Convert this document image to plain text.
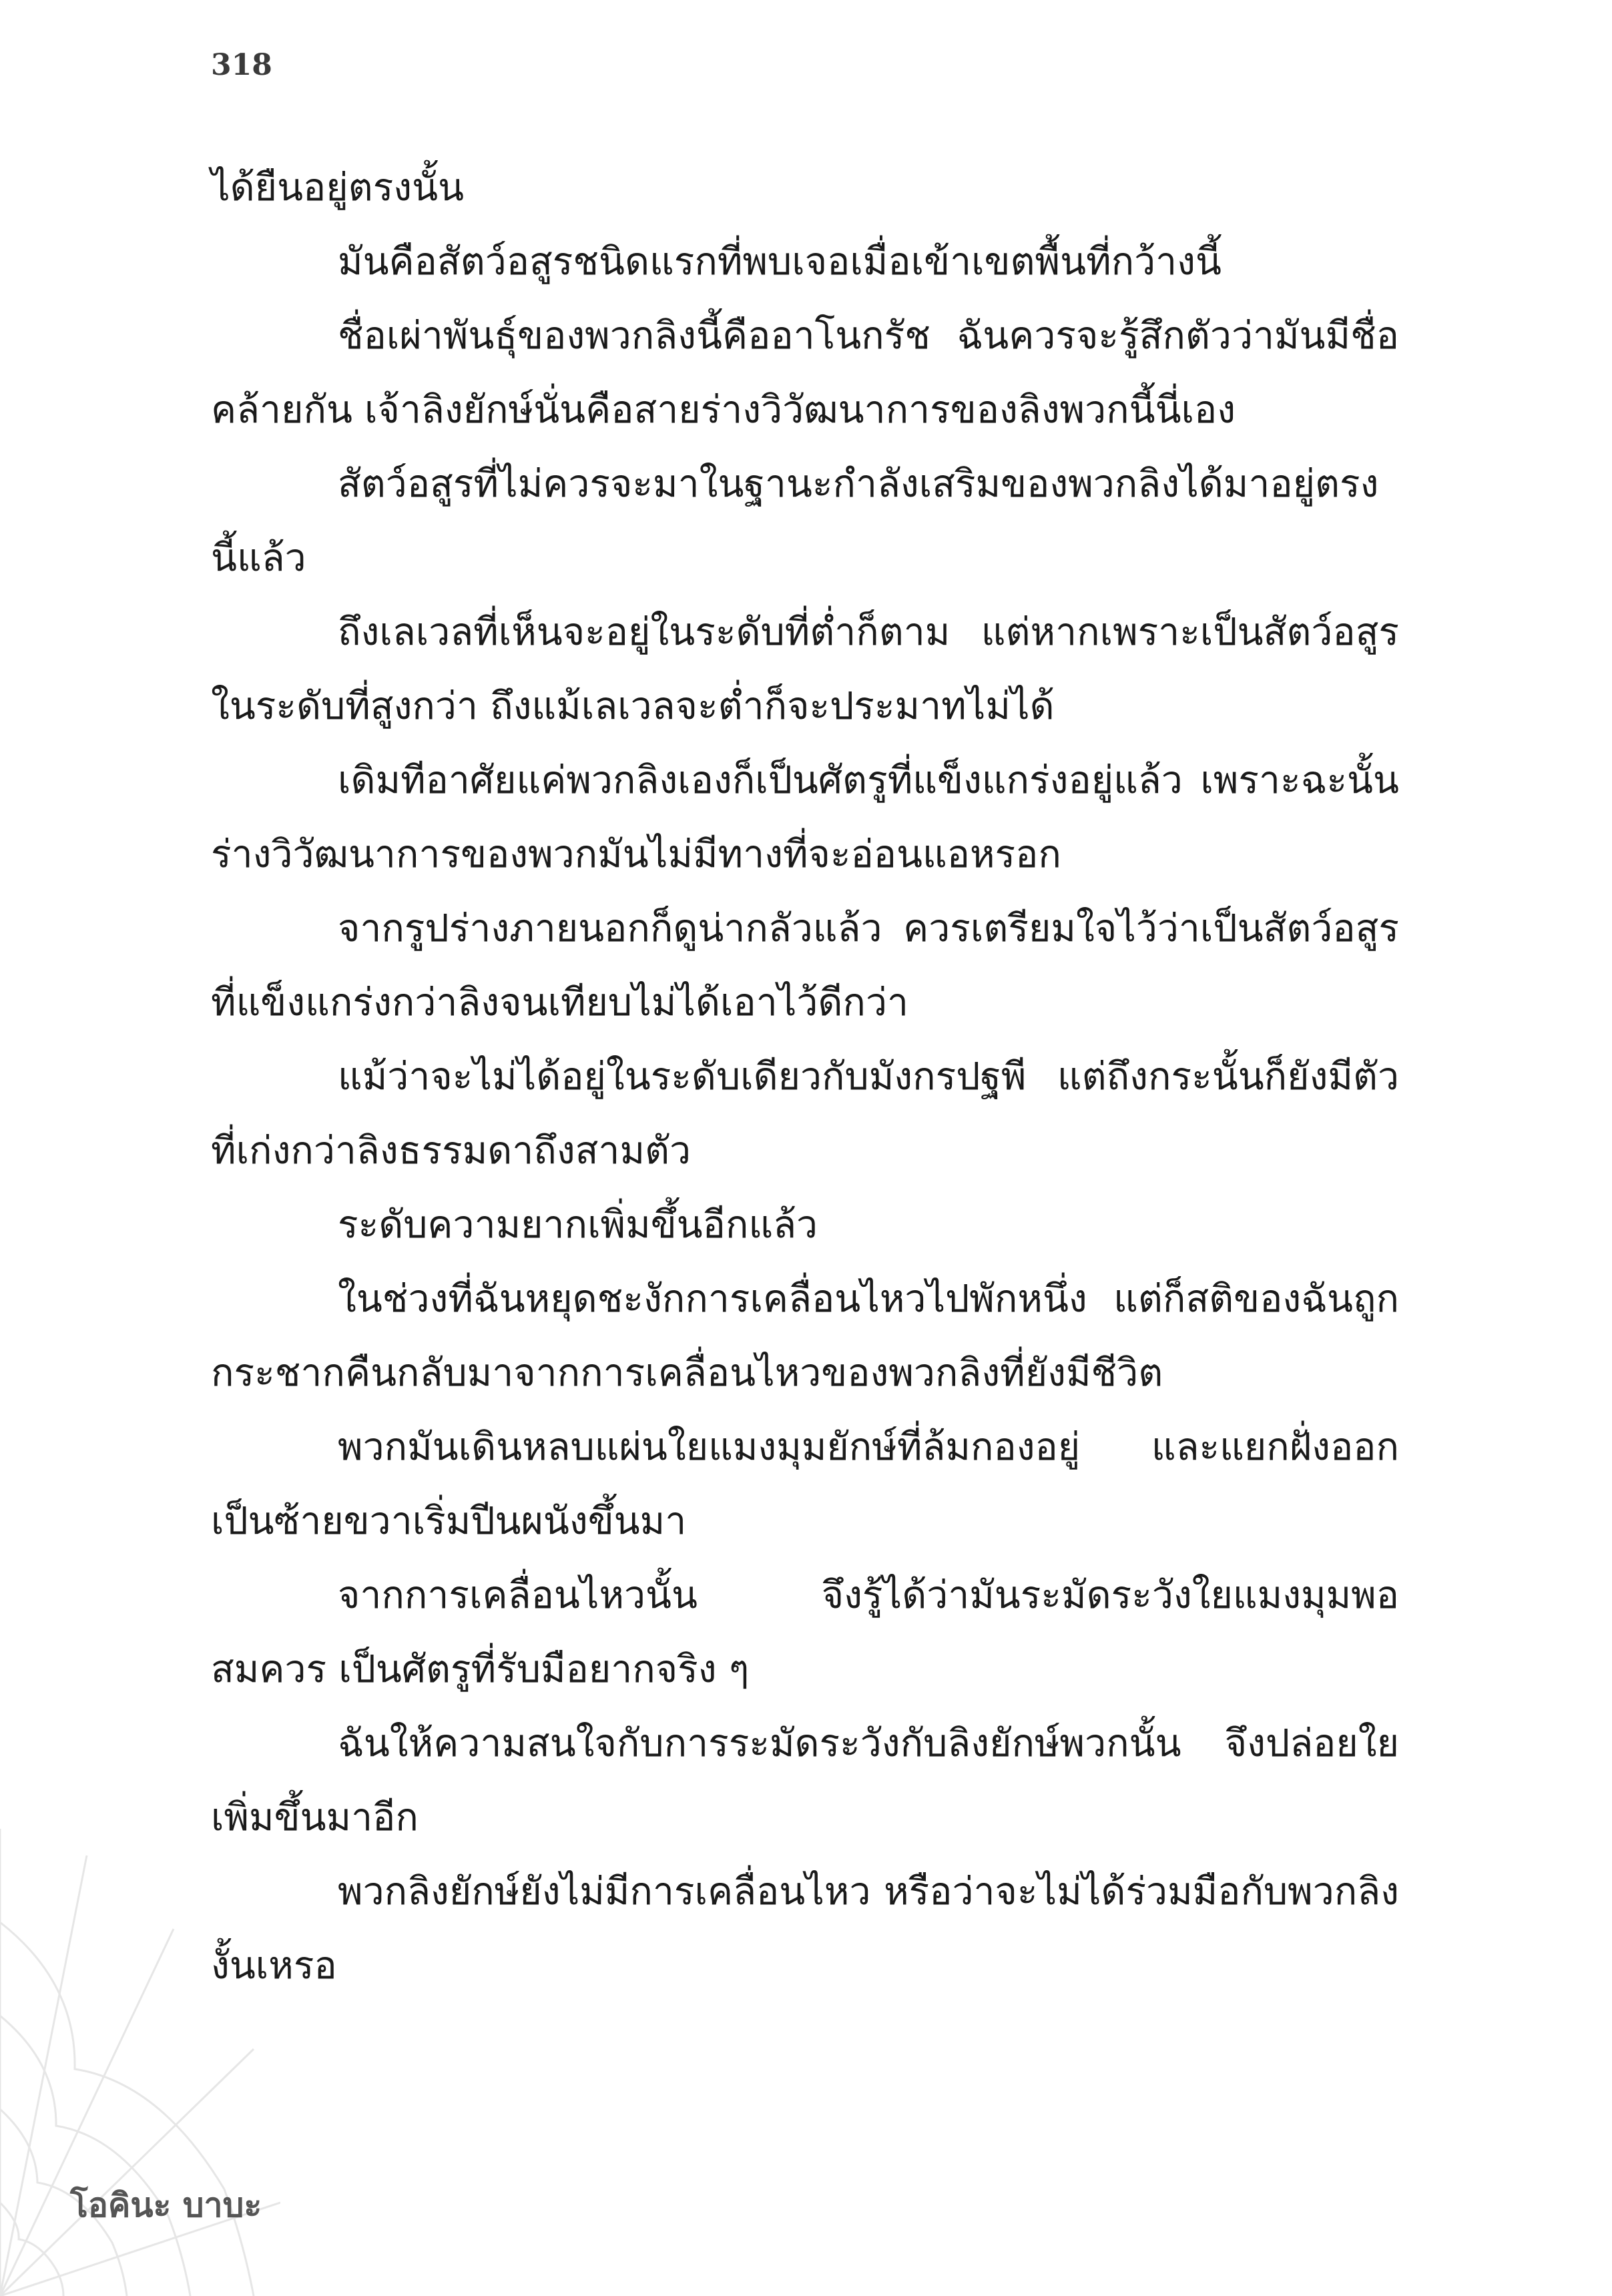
318

ได้ยืนอยู่ตรงนั้น

มันคือสัตว์อสูรชนิดแรกที่พบเจอเมื่อเข้าเขตพื้นที่กว้างนี้

ชื่อเผ่าพันธุ์ของพวกลิงนี้คืออาโนกรัช ฉันควรจะรู้สึกตัวว่ามันมีชื่อคล้ายกัน เจ้าลิงยักษ์นั่นคือสายร่างวิวัฒนาการของลิงพวกนี้นี่เอง

สัตว์อสูรที่ไม่ควรจะมาในฐานะกำลังเสริมของพวกลิงได้มาอยู่ตรงนี้แล้ว

ถึงเลเวลที่เห็นจะอยู่ในระดับที่ต่ำก็ตาม แต่หากเพราะเป็นสัตว์อสูรในระดับที่สูงกว่า ถึงแม้เลเวลจะต่ำก็จะประมาทไม่ได้

เดิมทีอาศัยแค่พวกลิงเองก็เป็นศัตรูที่แข็งแกร่งอยู่แล้ว เพราะฉะนั้นร่างวิวัฒนาการของพวกมันไม่มีทางที่จะอ่อนแอหรอก

จากรูปร่างภายนอกก็ดูน่ากลัวแล้ว ควรเตรียมใจไว้ว่าเป็นสัตว์อสูรที่แข็งแกร่งกว่าลิงจนเทียบไม่ได้เอาไว้ดีกว่า

แม้ว่าจะไม่ได้อยู่ในระดับเดียวกับมังกรปฐพี แต่ถึงกระนั้นก็ยังมีตัวที่เก่งกว่าลิงธรรมดาถึงสามตัว

ระดับความยากเพิ่มขึ้นอีกแล้ว

ในช่วงที่ฉันหยุดชะงักการเคลื่อนไหวไปพักหนึ่ง แต่ก็สติของฉันถูกกระชากคืนกลับมาจากการเคลื่อนไหวของพวกลิงที่ยังมีชีวิต

พวกมันเดินหลบแผ่นใยแมงมุมยักษ์ที่ล้มกองอยู่ และแยกฝั่งออกเป็นซ้ายขวาเริ่มปีนผนังขึ้นมา

จากการเคลื่อนไหวนั้น จึงรู้ได้ว่ามันระมัดระวังใยแมงมุมพอสมควร เป็นศัตรูที่รับมือยากจริง ๆ

ฉันให้ความสนใจกับการระมัดระวังกับลิงยักษ์พวกนั้น จึงปล่อยใยเพิ่มขึ้นมาอีก

พวกลิงยักษ์ยังไม่มีการเคลื่อนไหว หรือว่าจะไม่ได้ร่วมมือกับพวกลิงงั้นเหรอ

โอคินะ บาบะ
